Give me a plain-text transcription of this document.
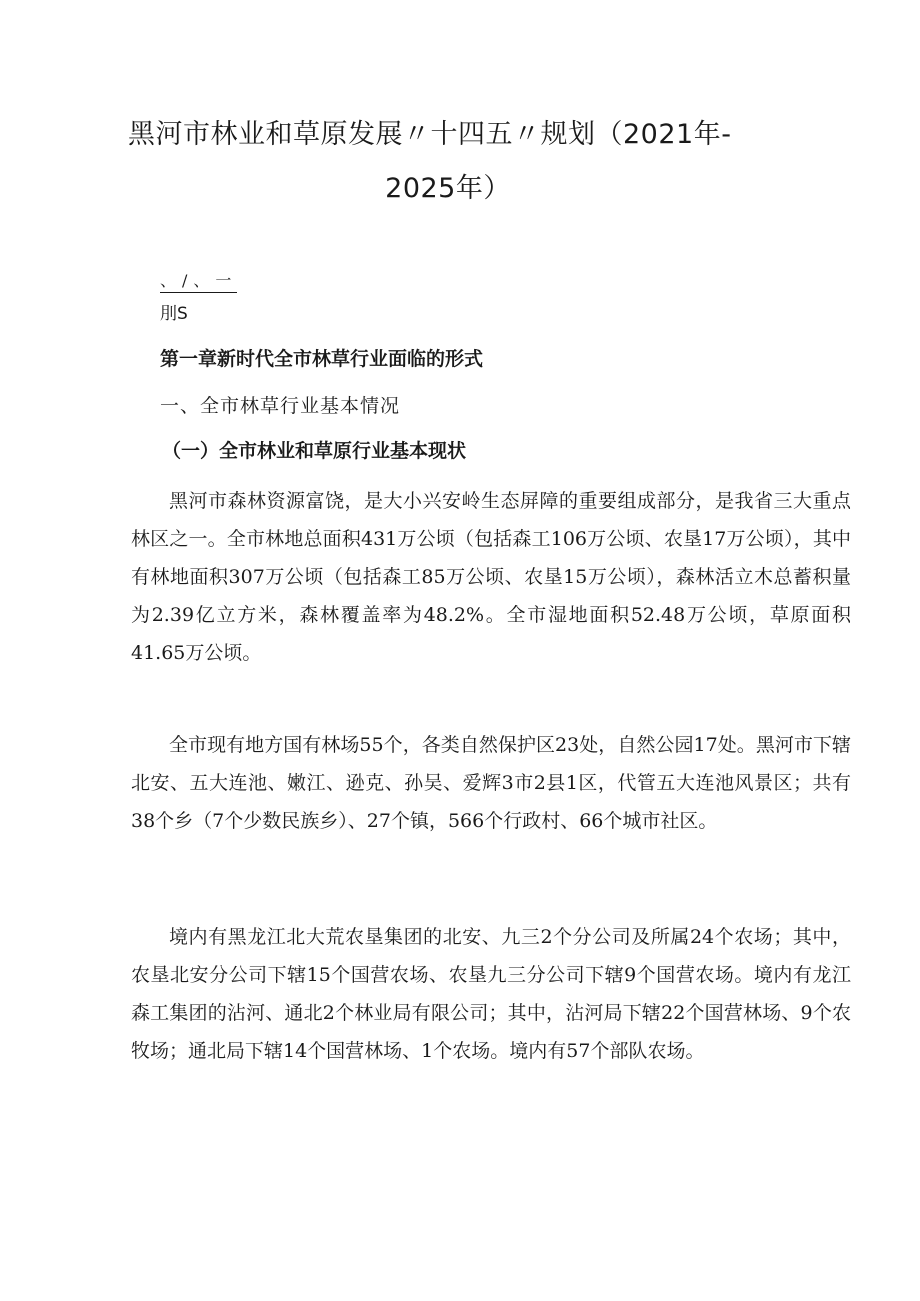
黑河市林业和草原发展〃十四五〃规划（2021年-
2025年）
、/、一
刖S
第一章新时代全市林草行业面临的形式
一、全市林草行业基本情况
（一）全市林业和草原行业基本现状

黑河市森林资源富饶，是大小兴安岭生态屏障的重要组成部分，是我省三大重点林区之一。全市林地总面积431万公顷（包括森工106万公顷、农垦17万公顷），其中有林地面积307万公顷（包括森工85万公顷、农垦15万公顷），森林活立木总蓄积量为2.39亿立方米，森林覆盖率为48.2%。全市湿地面积52.48万公顷，草原面积41.65万公顷。

全市现有地方国有林场55个，各类自然保护区23处，自然公园17处。黑河市下辖北安、五大连池、嫩江、逊克、孙吴、爱辉3市2县1区，代管五大连池风景区；共有38个乡（7个少数民族乡）、27个镇，566个行政村、66个城市社区。

境内有黑龙江北大荒农垦集团的北安、九三2个分公司及所属24个农场；其中，农垦北安分公司下辖15个国营农场、农垦九三分公司下辖9个国营农场。境内有龙江森工集团的沾河、通北2个林业局有限公司；其中，沾河局下辖22个国营林场、9个农牧场；通北局下辖14个国营林场、1个农场。境内有57个部队农场。
